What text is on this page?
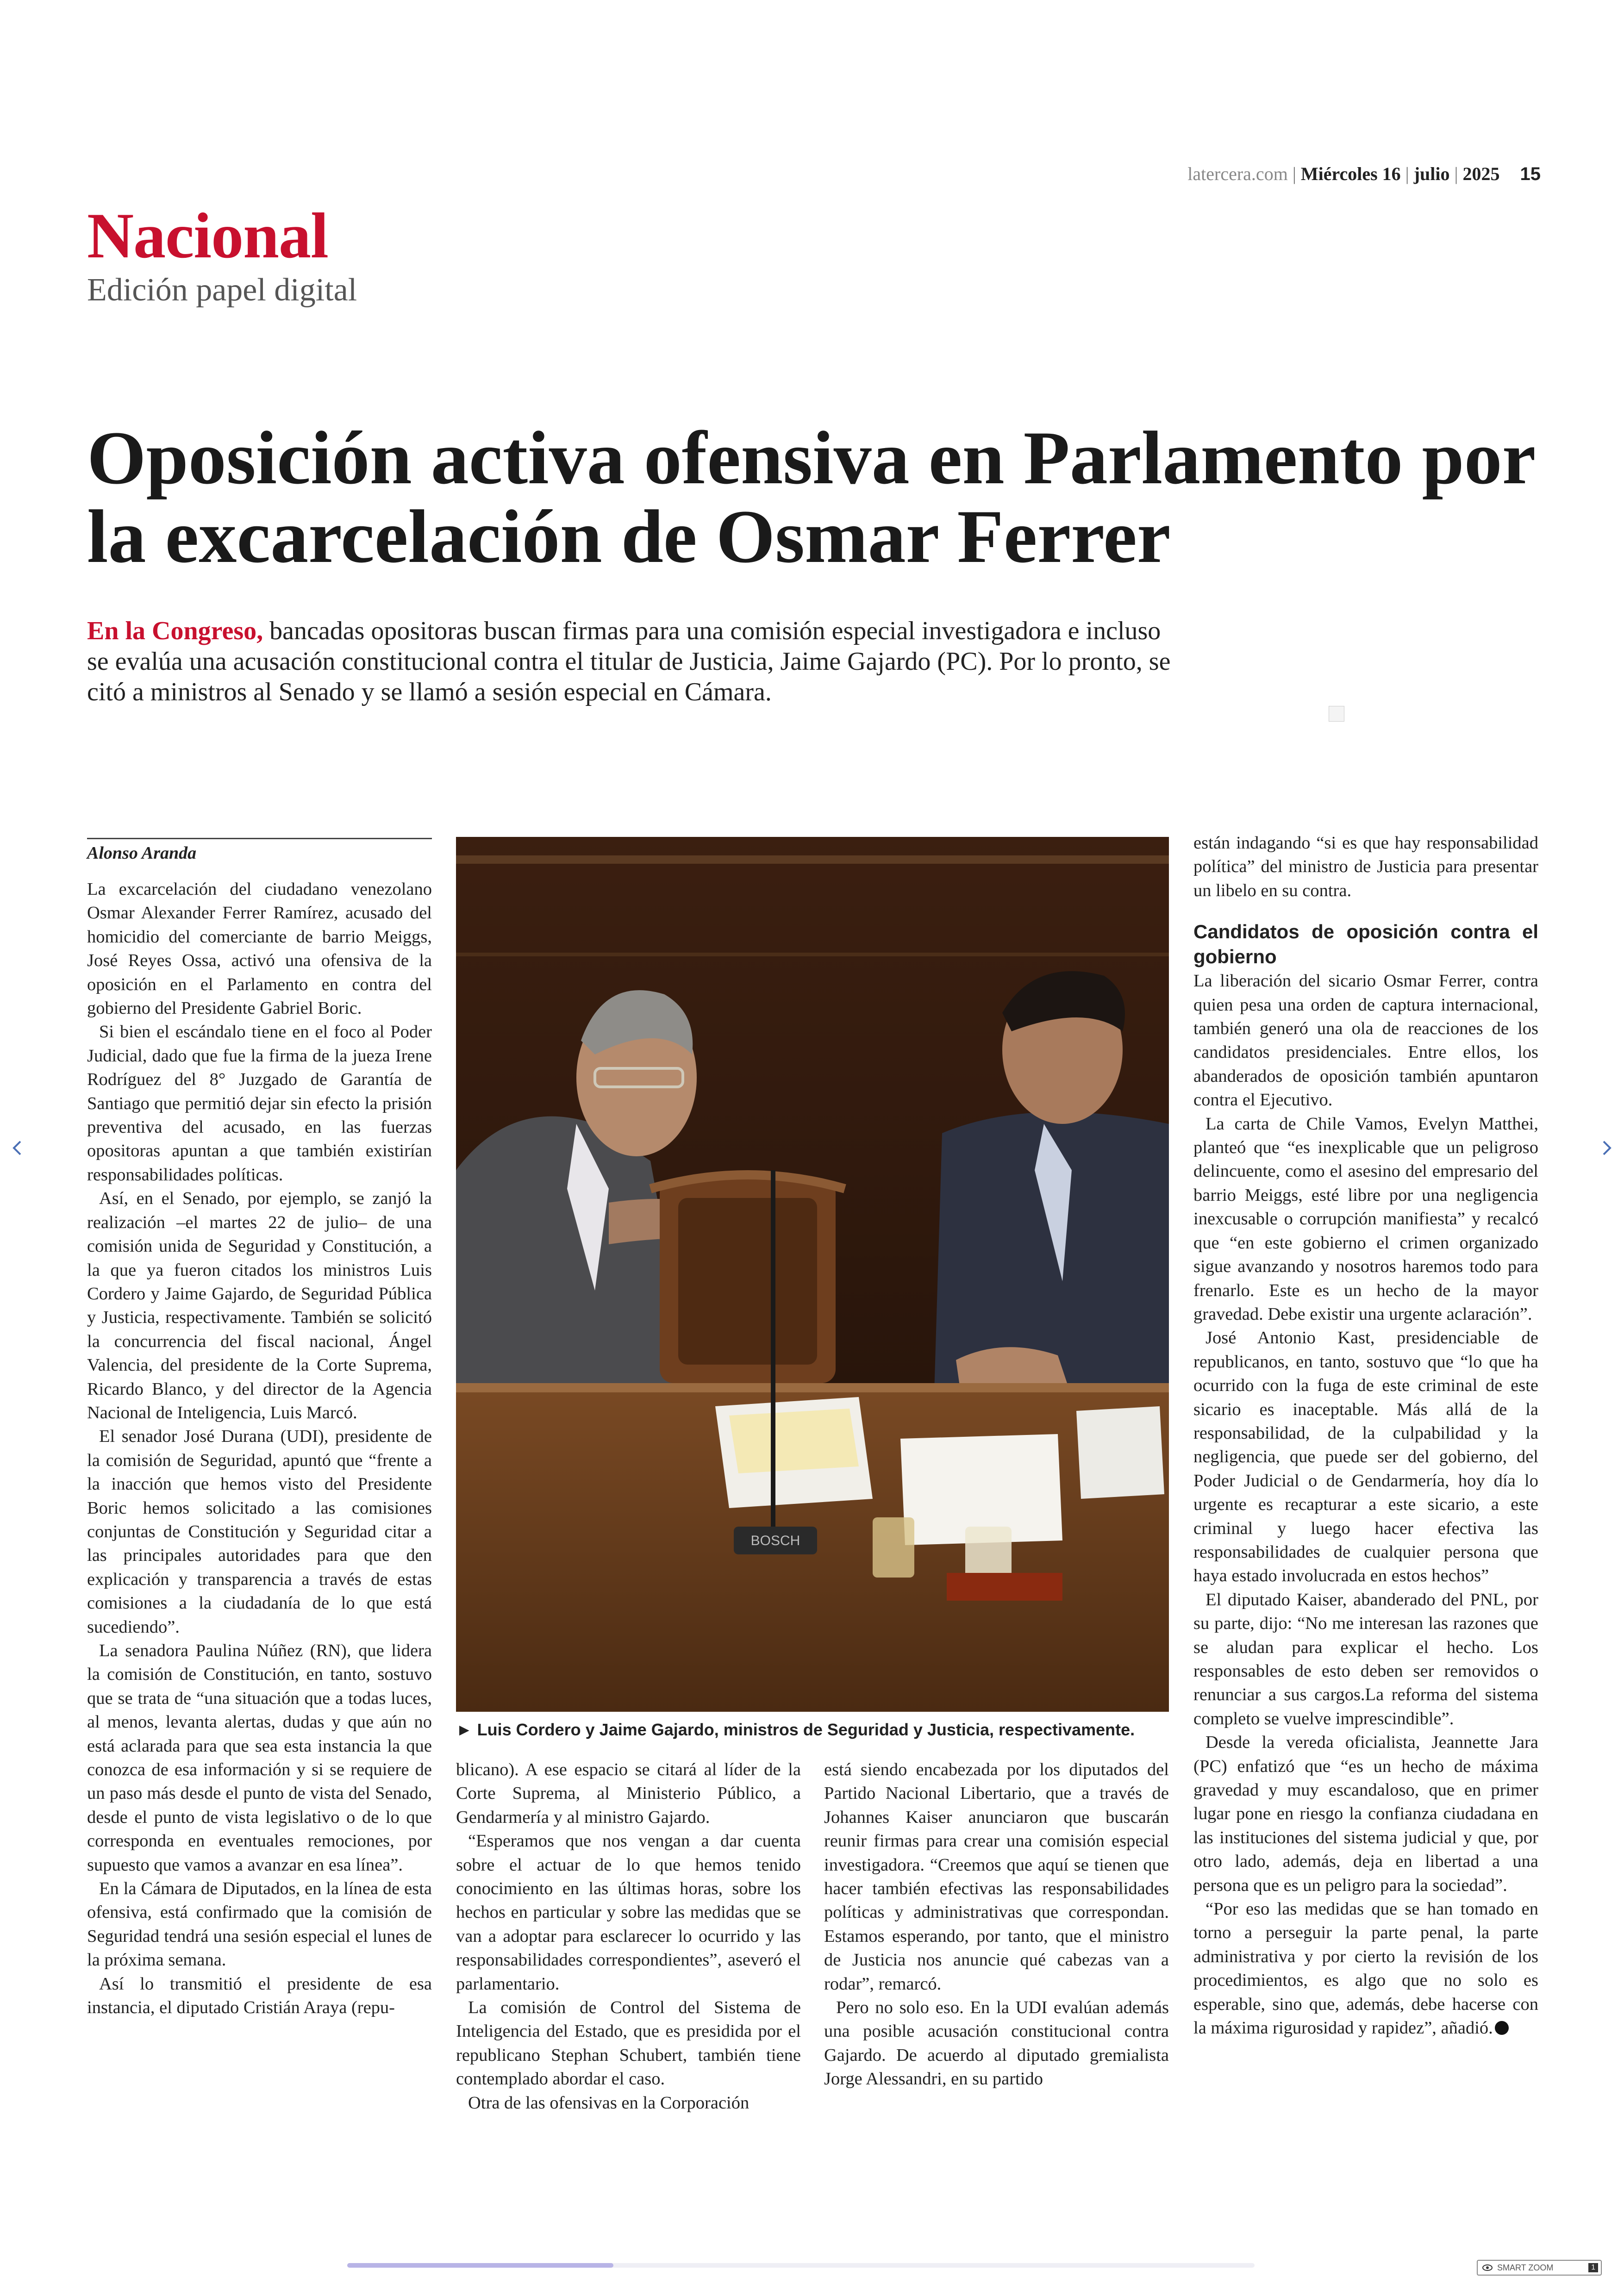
latercera.com | Miércoles 16 | julio | 2025 15
Nacional
Edición papel digital
Oposición activa ofensiva en Parlamento por la excarcelación de Osmar Ferrer

En la Congreso, bancadas opositoras buscan firmas para una comisión especial investigadora e incluso se evalúa una acusación constitucional contra el titular de Justicia, Jaime Gajardo (PC). Por lo pronto, se citó a ministros al Senado y se llamó a sesión especial en Cámara.

Alonso Aranda

La excarcelación del ciudadano venezolano Osmar Alexander Ferrer Ramírez, acusado del homicidio del comerciante de barrio Meiggs, José Reyes Ossa, activó una ofensiva de la oposición en el Parlamento en contra del gobierno del Presidente Gabriel Boric.

Si bien el escándalo tiene en el foco al Poder Judicial, dado que fue la firma de la jueza Irene Rodríguez del 8° Juzgado de Garantía de Santiago que permitió dejar sin efecto la prisión preventiva del acusado, en las fuerzas opositoras apuntan a que también existirían responsabilidades políticas.

Así, en el Senado, por ejemplo, se zanjó la realización –el martes 22 de julio– de una comisión unida de Seguridad y Constitución, a la que ya fueron citados los ministros Luis Cordero y Jaime Gajardo, de Seguridad Pública y Justicia, respectivamente. También se solicitó la concurrencia del fiscal nacional, Ángel Valencia, del presidente de la Corte Suprema, Ricardo Blanco, y del director de la Agencia Nacional de Inteligencia, Luis Marcó.

El senador José Durana (UDI), presidente de la comisión de Seguridad, apuntó que “frente a la inacción que hemos visto del Presidente Boric hemos solicitado a las comisiones conjuntas de Constitución y Seguridad citar a las principales autoridades para que den explicación y transparencia a través de estas comisiones a la ciudadanía de lo que está sucediendo”.

La senadora Paulina Núñez (RN), que lidera la comisión de Constitución, en tanto, sostuvo que se trata de “una situación que a todas luces, al menos, levanta alertas, dudas y que aún no está aclarada para que sea esta instancia la que conozca de esa información y si se requiere de un paso más desde el punto de vista del Senado, desde el punto de vista legislativo o de lo que corresponda en eventuales remociones, por supuesto que vamos a avanzar en esa línea”.

En la Cámara de Diputados, en la línea de esta ofensiva, está confirmado que la comisión de Seguridad tendrá una sesión especial el lunes de la próxima semana.

Así lo transmitió el presidente de esa instancia, el diputado Cristián Araya (repu-

BOSCH
► Luis Cordero y Jaime Gajardo, ministros de Seguridad y Justicia, respectivamente.

blicano). A ese espacio se citará al líder de la Corte Suprema, al Ministerio Público, a Gendarmería y al ministro Gajardo.

“Esperamos que nos vengan a dar cuenta sobre el actuar de lo que hemos tenido conocimiento en las últimas horas, sobre los hechos en particular y sobre las medidas que se van a adoptar para esclarecer lo ocurrido y las responsabilidades correspondientes”, aseveró el parlamentario.

La comisión de Control del Sistema de Inteligencia del Estado, que es presidida por el republicano Stephan Schubert, también tiene contemplado abordar el caso.

Otra de las ofensivas en la Corporación

está siendo encabezada por los diputados del Partido Nacional Libertario, que a través de Johannes Kaiser anunciaron que buscarán reunir firmas para crear una comisión especial investigadora. “Creemos que aquí se tienen que hacer también efectivas las responsabilidades políticas y administrativas que correspondan. Estamos esperando, por tanto, que el ministro de Justicia nos anuncie qué cabezas van a rodar”, remarcó.

Pero no solo eso. En la UDI evalúan además una posible acusación constitucional contra Gajardo. De acuerdo al diputado gremialista Jorge Alessandri, en su partido

están indagando “si es que hay responsabilidad política” del ministro de Justicia para presentar un libelo en su contra.

Candidatos de oposición contra el gobierno

La liberación del sicario Osmar Ferrer, contra quien pesa una orden de captura internacional, también generó una ola de reacciones de los candidatos presidenciales. Entre ellos, los abanderados de oposición también apuntaron contra el Ejecutivo.

La carta de Chile Vamos, Evelyn Matthei, planteó que “es inexplicable que un peligroso delincuente, como el asesino del empresario del barrio Meiggs, esté libre por una negligencia inexcusable o corrupción manifiesta” y recalcó que “en este gobierno el crimen organizado sigue avanzando y nosotros haremos todo para frenarlo. Este es un hecho de la mayor gravedad. Debe existir una urgente aclaración”.

José Antonio Kast, presidenciable de republicanos, en tanto, sostuvo que “lo que ha ocurrido con la fuga de este criminal de este sicario es inaceptable. Más allá de la responsabilidad, de la culpabilidad y la negligencia, que puede ser del gobierno, del Poder Judicial o de Gendarmería, hoy día lo urgente es recapturar a este sicario, a este criminal y luego hacer efectiva las responsabilidades de cualquier persona que haya estado involucrada en estos hechos”

El diputado Kaiser, abanderado del PNL, por su parte, dijo: “No me interesan las razones que se aludan para explicar el hecho. Los responsables de esto deben ser removidos o renunciar a sus cargos.La reforma del sistema completo se vuelve imprescindible”.

Desde la vereda oficialista, Jeannette Jara (PC) enfatizó que “es un hecho de máxima gravedad y muy escandaloso, que en primer lugar pone en riesgo la confianza ciudadana en las instituciones del sistema judicial y que, por otro lado, además, deja en libertad a una persona que es un peligro para la sociedad”.

“Por eso las medidas que se han tomado en torno a perseguir la parte penal, la parte administrativa y por cierto la revisión de los procedimientos, es algo que no solo es esperable, sino que, además, debe hacerse con la máxima rigurosidad y rapidez”, añadió.

SMART ZOOM	1
